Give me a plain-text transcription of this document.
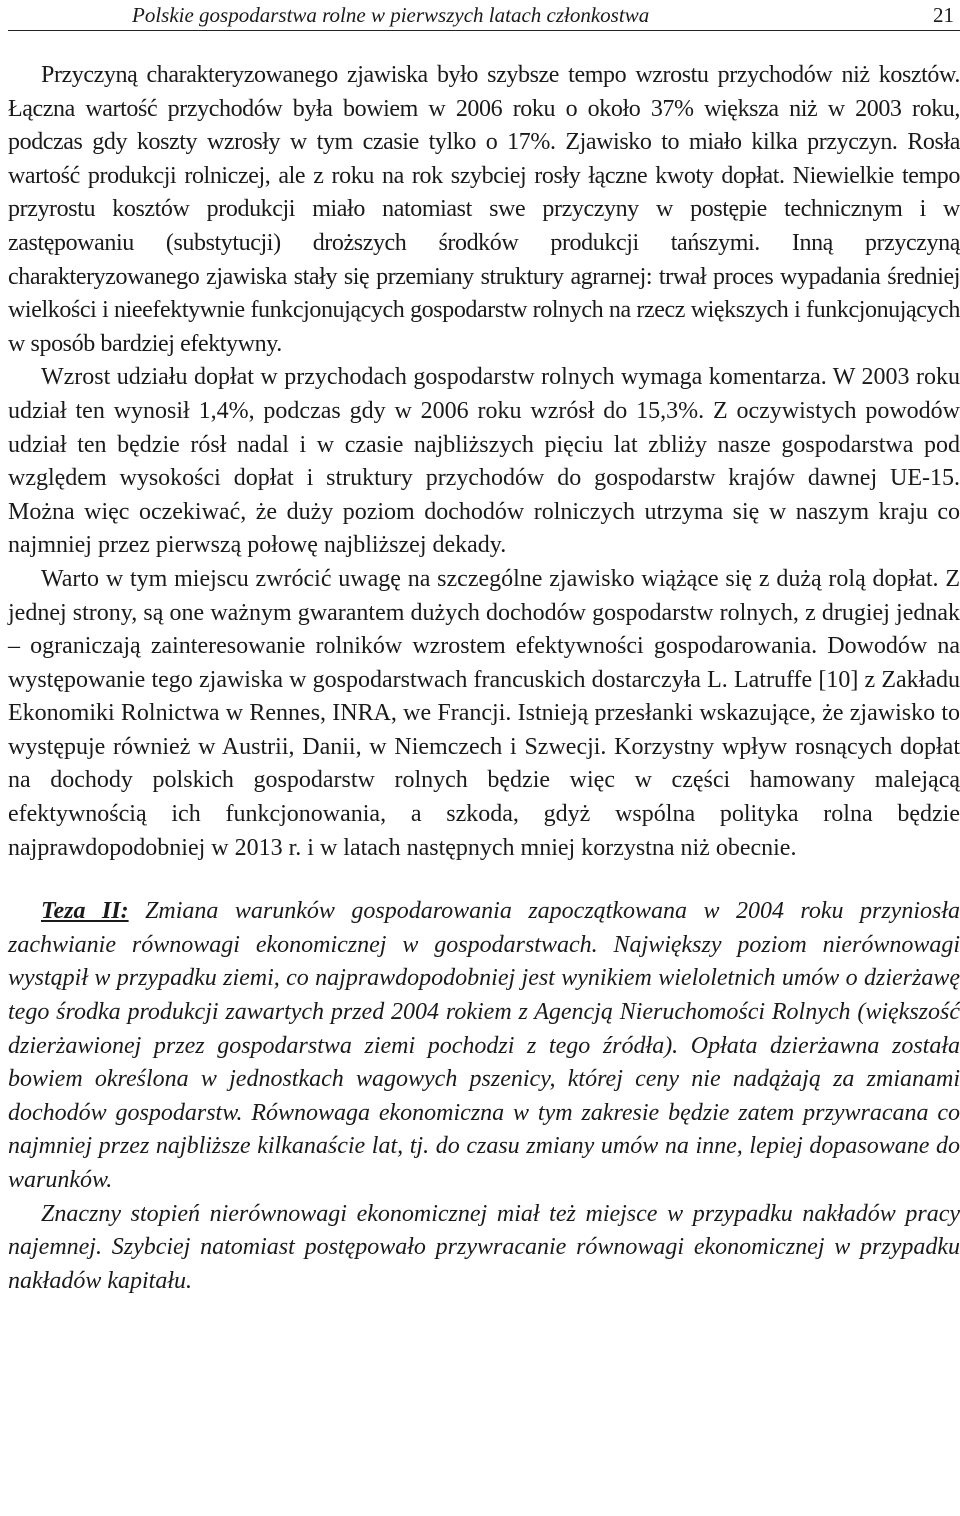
Polskie gospodarstwa rolne w pierwszych latach członkostwa	21

Przyczyną charakteryzowanego zjawiska było szybsze tempo wzrostu przychodów niż kosztów. Łączna wartość przychodów była bowiem w 2006 roku o około 37% większa niż w 2003 roku, podczas gdy koszty wzrosły w tym czasie tylko o 17%. Zjawisko to miało kilka przyczyn. Rosła wartość produkcji rolniczej, ale z roku na rok szybciej rosły łączne kwoty dopłat. Niewielkie tempo przyrostu kosztów produkcji miało natomiast swe przyczyny w postępie technicznym i w zastępowaniu (substytucji) droższych środków produkcji tańszymi. Inną przyczyną charakteryzowanego zjawiska stały się przemiany struktury agrarnej: trwał proces wypadania średniej wielkości i nieefektywnie funkcjonujących gospodarstw rolnych na rzecz większych i funkcjonujących w sposób bardziej efektywny.

Wzrost udziału dopłat w przychodach gospodarstw rolnych wymaga komentarza. W 2003 roku udział ten wynosił 1,4%, podczas gdy w 2006 roku wzrósł do 15,3%. Z oczywistych powodów udział ten będzie rósł nadal i w czasie najbliższych pięciu lat zbliży nasze gospodarstwa pod względem wysokości dopłat i struktury przychodów do gospodarstw krajów dawnej UE-15. Można więc oczekiwać, że duży poziom dochodów rolniczych utrzyma się w naszym kraju co najmniej przez pierwszą połowę najbliższej dekady.

Warto w tym miejscu zwrócić uwagę na szczególne zjawisko wiążące się z dużą rolą dopłat. Z jednej strony, są one ważnym gwarantem dużych dochodów gospodarstw rolnych, z drugiej jednak – ograniczają zainteresowanie rolników wzrostem efektywności gospodarowania. Dowodów na występowanie tego zjawiska w gospodarstwach francuskich dostarczyła L. Latruffe [10] z Zakładu Ekonomiki Rolnictwa w Rennes, INRA, we Francji. Istnieją przesłanki wskazujące, że zjawisko to występuje również w Austrii, Danii, w Niemczech i Szwecji. Korzystny wpływ rosnących dopłat na dochody polskich gospodarstw rolnych będzie więc w części hamowany malejącą efektywnością ich funkcjonowania, a szkoda, gdyż wspólna polityka rolna będzie najprawdopodobniej w 2013 r. i w latach następnych mniej korzystna niż obecnie.

Teza II: Zmiana warunków gospodarowania zapoczątkowana w 2004 roku przyniosła zachwianie równowagi ekonomicznej w gospodarstwach. Największy poziom nierównowagi wystąpił w przypadku ziemi, co najprawdopodobniej jest wynikiem wieloletnich umów o dzierżawę tego środka produkcji zawartych przed 2004 rokiem z Agencją Nieruchomości Rolnych (większość dzierżawionej przez gospodarstwa ziemi pochodzi z tego źródła). Opłata dzierżawna została bowiem określona w jednostkach wagowych pszenicy, której ceny nie nadążają za zmianami dochodów gospodarstw. Równowaga ekonomiczna w tym zakresie będzie zatem przywracana co najmniej przez najbliższe kilkanaście lat, tj. do czasu zmiany umów na inne, lepiej dopasowane do warunków.

Znaczny stopień nierównowagi ekonomicznej miał też miejsce w przypadku nakładów pracy najemnej. Szybciej natomiast postępowało przywracanie równowagi ekonomicznej w przypadku nakładów kapitału.
